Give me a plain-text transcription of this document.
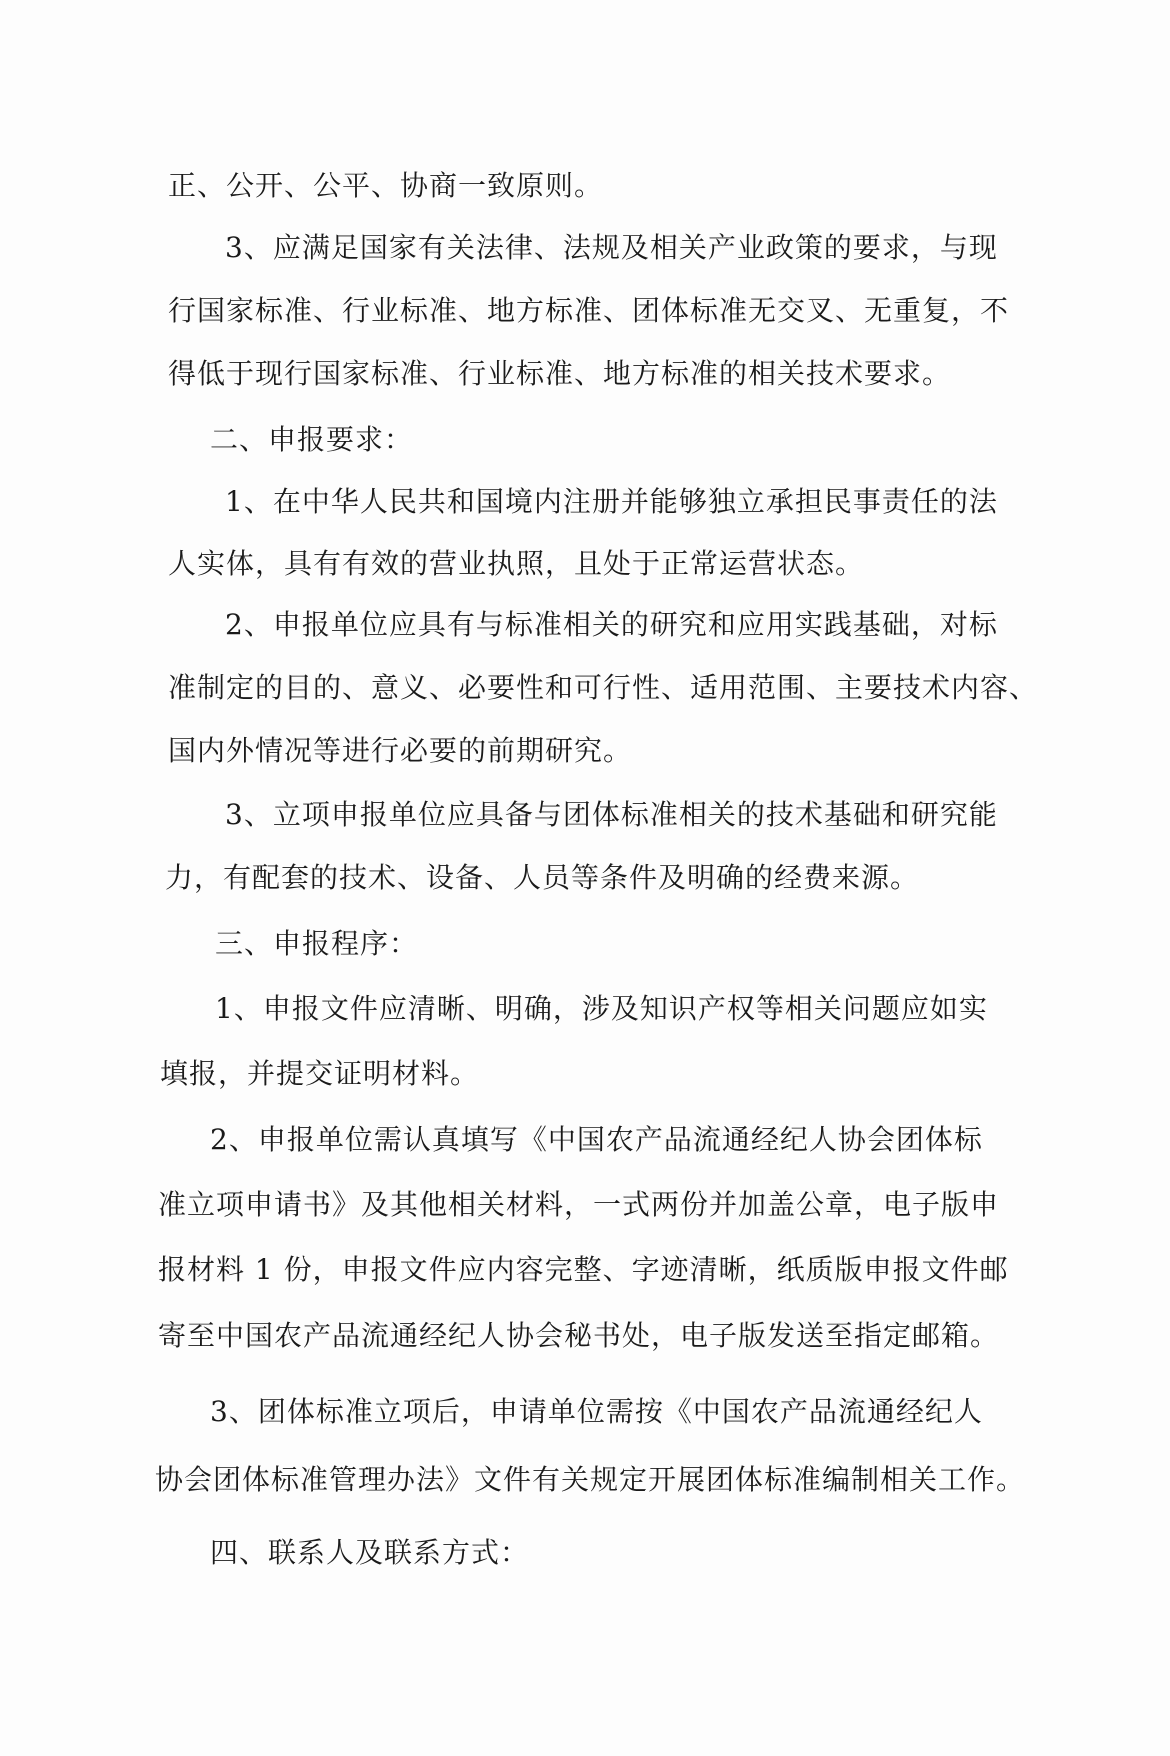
正、公开、公平、协商一致原则。
3、应满足国家有关法律、法规及相关产业政策的要求，与现
行国家标准、行业标准、地方标准、团体标准无交叉、无重复，不
得低于现行国家标准、行业标准、地方标准的相关技术要求。
二、申报要求：
1、在中华人民共和国境内注册并能够独立承担民事责任的法
人实体，具有有效的营业执照，且处于正常运营状态。
2、申报单位应具有与标准相关的研究和应用实践基础，对标
准制定的目的、意义、必要性和可行性、适用范围、主要技术内容、
国内外情况等进行必要的前期研究。
3、立项申报单位应具备与团体标准相关的技术基础和研究能
力，有配套的技术、设备、人员等条件及明确的经费来源。
三、申报程序：
1、申报文件应清晰、明确，涉及知识产权等相关问题应如实
填报，并提交证明材料。
2、申报单位需认真填写《中国农产品流通经纪人协会团体标
准立项申请书》及其他相关材料，一式两份并加盖公章，电子版申
报材料 1 份，申报文件应内容完整、字迹清晰，纸质版申报文件邮
寄至中国农产品流通经纪人协会秘书处，电子版发送至指定邮箱。
3、团体标准立项后，申请单位需按《中国农产品流通经纪人
协会团体标准管理办法》文件有关规定开展团体标准编制相关工作。
四、联系人及联系方式：
